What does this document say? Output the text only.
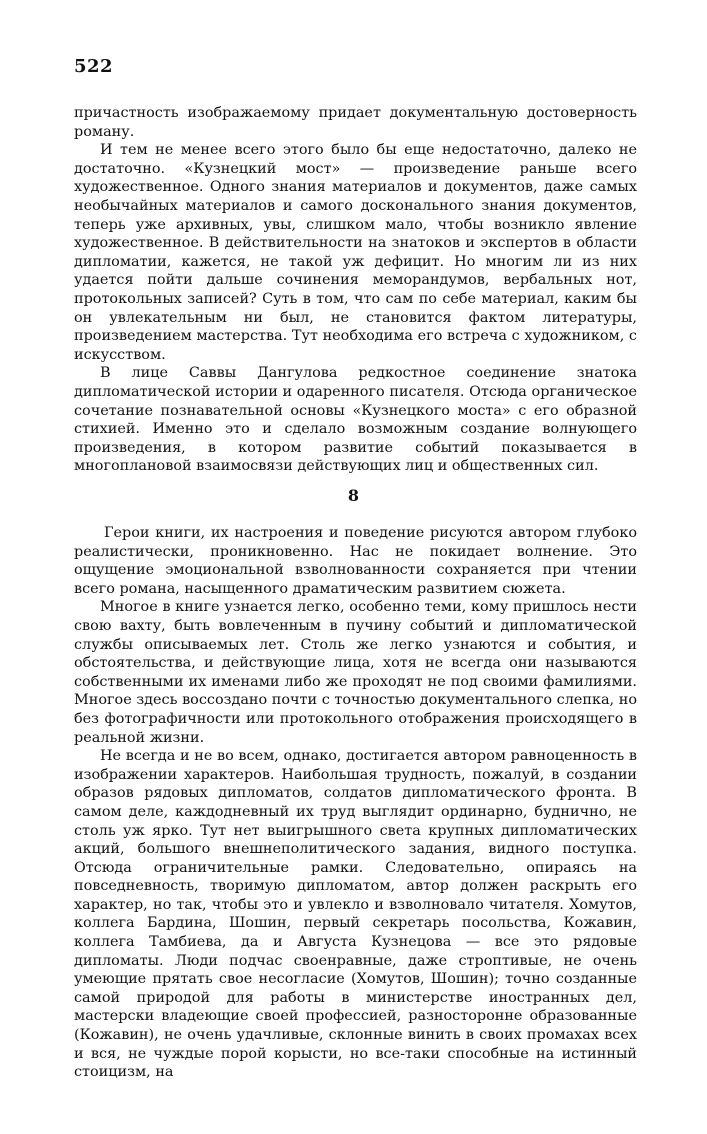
522

причастность изображаемому придает документальную достоверность роману.

И тем не менее всего этого было бы еще недостаточно, далеко не достаточно. «Кузнецкий мост» — произведение раньше всего художественное. Одного знания материалов и документов, даже самых необычайных материалов и самого досконального знания документов, теперь уже архивных, увы, слишком мало, чтобы возникло явление художественное. В действительности на знатоков и экспертов в области дипломатии, кажется, не такой уж дефицит. Но многим ли из них удается пойти дальше сочинения меморандумов, вербальных нот, протокольных записей? Суть в том, что сам по себе материал, каким бы он увлекательным ни был, не становится фактом литературы, произведением мастерства. Тут необходима его встреча с художником, с искусством.

В лице Саввы Дангулова редкостное соединение знатока дипломатической истории и одаренного писателя. Отсюда органическое сочетание познавательной основы «Кузнецкого моста» с его образной стихией. Именно это и сделало возможным создание волнующего произведения, в котором развитие событий показывается в многоплановой взаимосвязи действующих лиц и общественных сил.

8

Герои книги, их настроения и поведение рисуются автором глубоко реалистически, проникновенно. Нас не покидает волнение. Это ощущение эмоциональной взволнованности сохраняется при чтении всего романа, насыщенного драматическим развитием сюжета.

Многое в книге узнается легко, особенно теми, кому пришлось нести свою вахту, быть вовлеченным в пучину событий и дипломатической службы описываемых лет. Столь же легко узнаются и события, и обстоятельства, и действующие лица, хотя не всегда они называются собственными их именами либо же проходят не под своими фамилиями. Многое здесь воссоздано почти с точностью документального слепка, но без фотографичности или протокольного отображения происходящего в реальной жизни.

Не всегда и не во всем, однако, достигается автором равноценность в изображении характеров. Наибольшая трудность, пожалуй, в создании образов рядовых дипломатов, солдатов дипломатического фронта. В самом деле, каждодневный их труд выглядит ординарно, буднично, не столь уж ярко. Тут нет выигрышного света крупных дипломатических акций, большого внешнеполитического задания, видного поступка. Отсюда ограничительные рамки. Следовательно, опираясь на повседневность, творимую дипломатом, автор должен раскрыть его характер, но так, чтобы это и увлекло и взволновало читателя. Хомутов, коллега Бардина, Шошин, первый секретарь посольства, Кожавин, коллега Тамбиева, да и Августа Кузнецова — все это рядовые дипломаты. Люди подчас своенравные, даже строптивые, не очень умеющие прятать свое несогласие (Хомутов, Шошин); точно созданные самой природой для работы в министерстве иностранных дел, мастерски владеющие своей профессией, разносторонне образованные (Кожавин), не очень удачливые, склонные винить в своих промахах всех и вся, не чуждые порой корысти, но все-таки способные на истинный стоицизм, на
